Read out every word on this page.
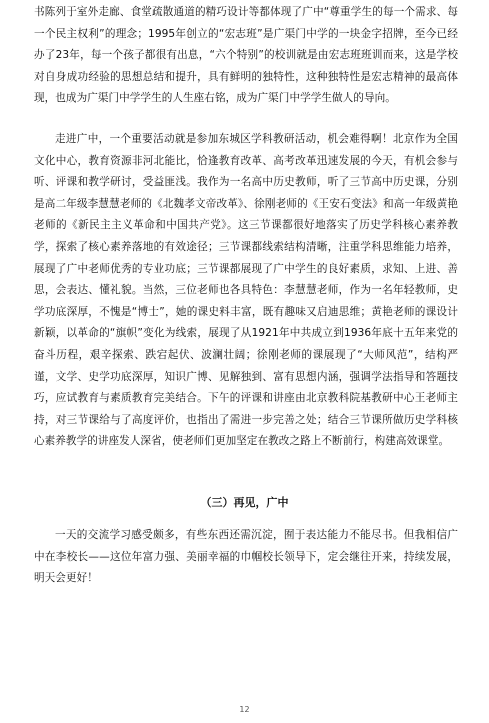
书陈列于室外走廊、食堂疏散通道的精巧设计等都体现了广中“尊重学生的每一个需求、每一个民主权利”的理念；1995年创立的“宏志班”是广渠门中学的一块金字招牌，至今已经办了23年，每一个孩子都很有出息，“六个特别”的校训就是由宏志班班训而来，这是学校对自身成功经验的思想总结和提升，具有鲜明的独特性，这种独特性是宏志精神的最高体现，也成为广渠门中学学生的人生座右铭，成为广渠门中学学生做人的导向。

走进广中，一个重要活动就是参加东城区学科教研活动，机会难得啊！北京作为全国文化中心，教育资源非河北能比，恰逢教育改革、高考改革迅速发展的今天，有机会参与听、评课和教学研讨，受益匪浅。我作为一名高中历史教师，听了三节高中历史课，分别是高二年级李慧慧老师的《北魏孝文帝改革》、徐刚老师的《王安石变法》和高一年级黄艳老师的《新民主主义革命和中国共产党》。这三节课都很好地落实了历史学科核心素养教学，探索了核心素养落地的有效途径；三节课都线索结构清晰，注重学科思维能力培养，展现了广中老师优秀的专业功底；三节课都展现了广中学生的良好素质，求知、上进、善思，会表达、懂礼貌。当然，三位老师也各具特色：李慧慧老师，作为一名年轻教师，史学功底深厚，不愧是“博士”，她的课史料丰富，既有趣味又启迪思维；黄艳老师的课设计新颖，以革命的“旗帜”变化为线索，展现了从1921年中共成立到1936年底十五年来党的奋斗历程，艰辛探索、跌宕起伏、波澜壮阔；徐刚老师的课展现了“大师风范”，结构严谨，文学、史学功底深厚，知识广博、见解独到、富有思想内涵，强调学法指导和答题技巧，应试教育与素质教育完美结合。下午的评课和讲座由北京教科院基教研中心王老师主持，对三节课给与了高度评价，也指出了需进一步完善之处；结合三节课所做历史学科核心素养教学的讲座发人深省，使老师们更加坚定在教改之路上不断前行，构建高效课堂。

（三）再见，广中

一天的交流学习感受颇多，有些东西还需沉淀，囿于表达能力不能尽书。但我相信广中在李校长——这位年富力强、美丽幸福的巾帼校长领导下，定会继往开来，持续发展，明天会更好！

12
